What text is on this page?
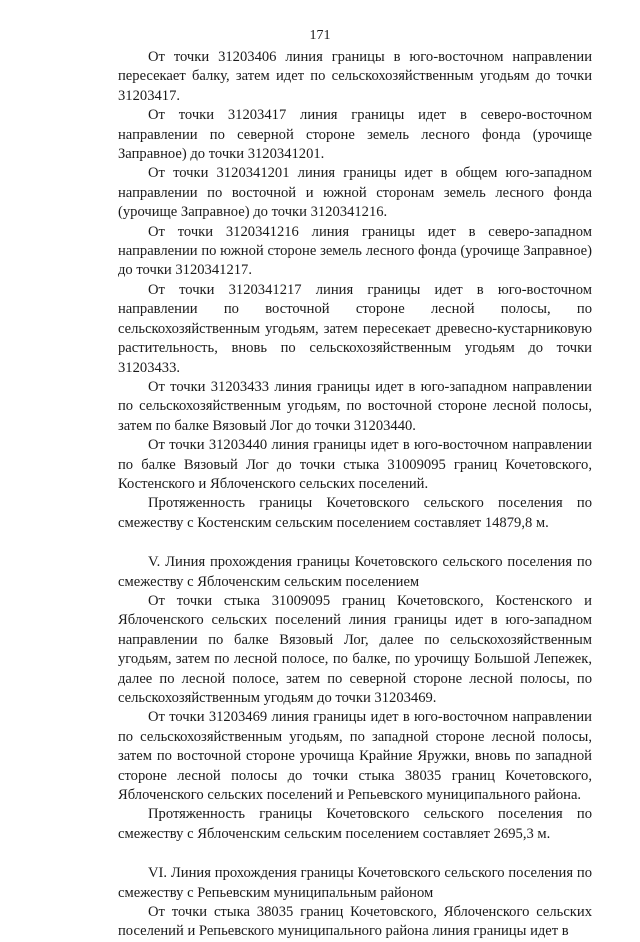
171

От точки 31203406 линия границы в юго-восточном направлении пересекает балку, затем идет по сельскохозяйственным угодьям до точки 31203417.

От точки 31203417 линия границы идет в северо-восточном направлении по северной стороне земель лесного фонда (урочище Заправное) до точки 3120341201.

От точки 3120341201 линия границы идет в общем юго-западном направлении по восточной и южной сторонам земель лесного фонда (урочище Заправное) до точки 3120341216.

От точки 3120341216 линия границы идет в северо-западном направлении по южной стороне земель лесного фонда (урочище Заправное) до точки 3120341217.

От точки 3120341217 линия границы идет в юго-восточном направлении по восточной стороне лесной полосы, по сельскохозяйственным угодьям, затем пересекает древесно-кустарниковую растительность, вновь по сельскохозяйственным угодьям до точки 31203433.

От точки 31203433 линия границы идет в юго-западном направлении по сельскохозяйственным угодьям, по восточной стороне лесной полосы, затем по балке Вязовый Лог до точки 31203440.

От точки 31203440 линия границы идет в юго-восточном направлении по балке Вязовый Лог до точки стыка 31009095 границ Кочетовского, Костенского и Яблоченского сельских поселений.

Протяженность границы Кочетовского сельского поселения по смежеству с Костенским сельским поселением составляет 14879,8 м.

V. Линия прохождения границы Кочетовского сельского поселения по смежеству с Яблоченским сельским поселением

От точки стыка 31009095 границ Кочетовского, Костенского и Яблоченского сельских поселений линия границы идет в юго-западном направлении по балке Вязовый Лог, далее по сельскохозяйственным угодьям, затем по лесной полосе, по балке, по урочищу Большой Лепежек, далее по лесной полосе, затем по северной стороне лесной полосы, по сельскохозяйственным угодьям до точки 31203469.

От точки 31203469 линия границы идет в юго-восточном направлении по сельскохозяйственным угодьям, по западной стороне лесной полосы, затем по восточной стороне урочища Крайние Яружки, вновь по западной стороне лесной полосы до точки стыка 38035 границ Кочетовского, Яблоченского сельских поселений и Репьевского муниципального района.

Протяженность границы Кочетовского сельского поселения по смежеству с Яблоченским сельским поселением составляет 2695,3 м.

VI. Линия прохождения границы Кочетовского сельского поселения по смежеству с Репьевским муниципальным районом

От точки стыка 38035 границ Кочетовского, Яблоченского сельских поселений и Репьевского муниципального района линия границы идет в
